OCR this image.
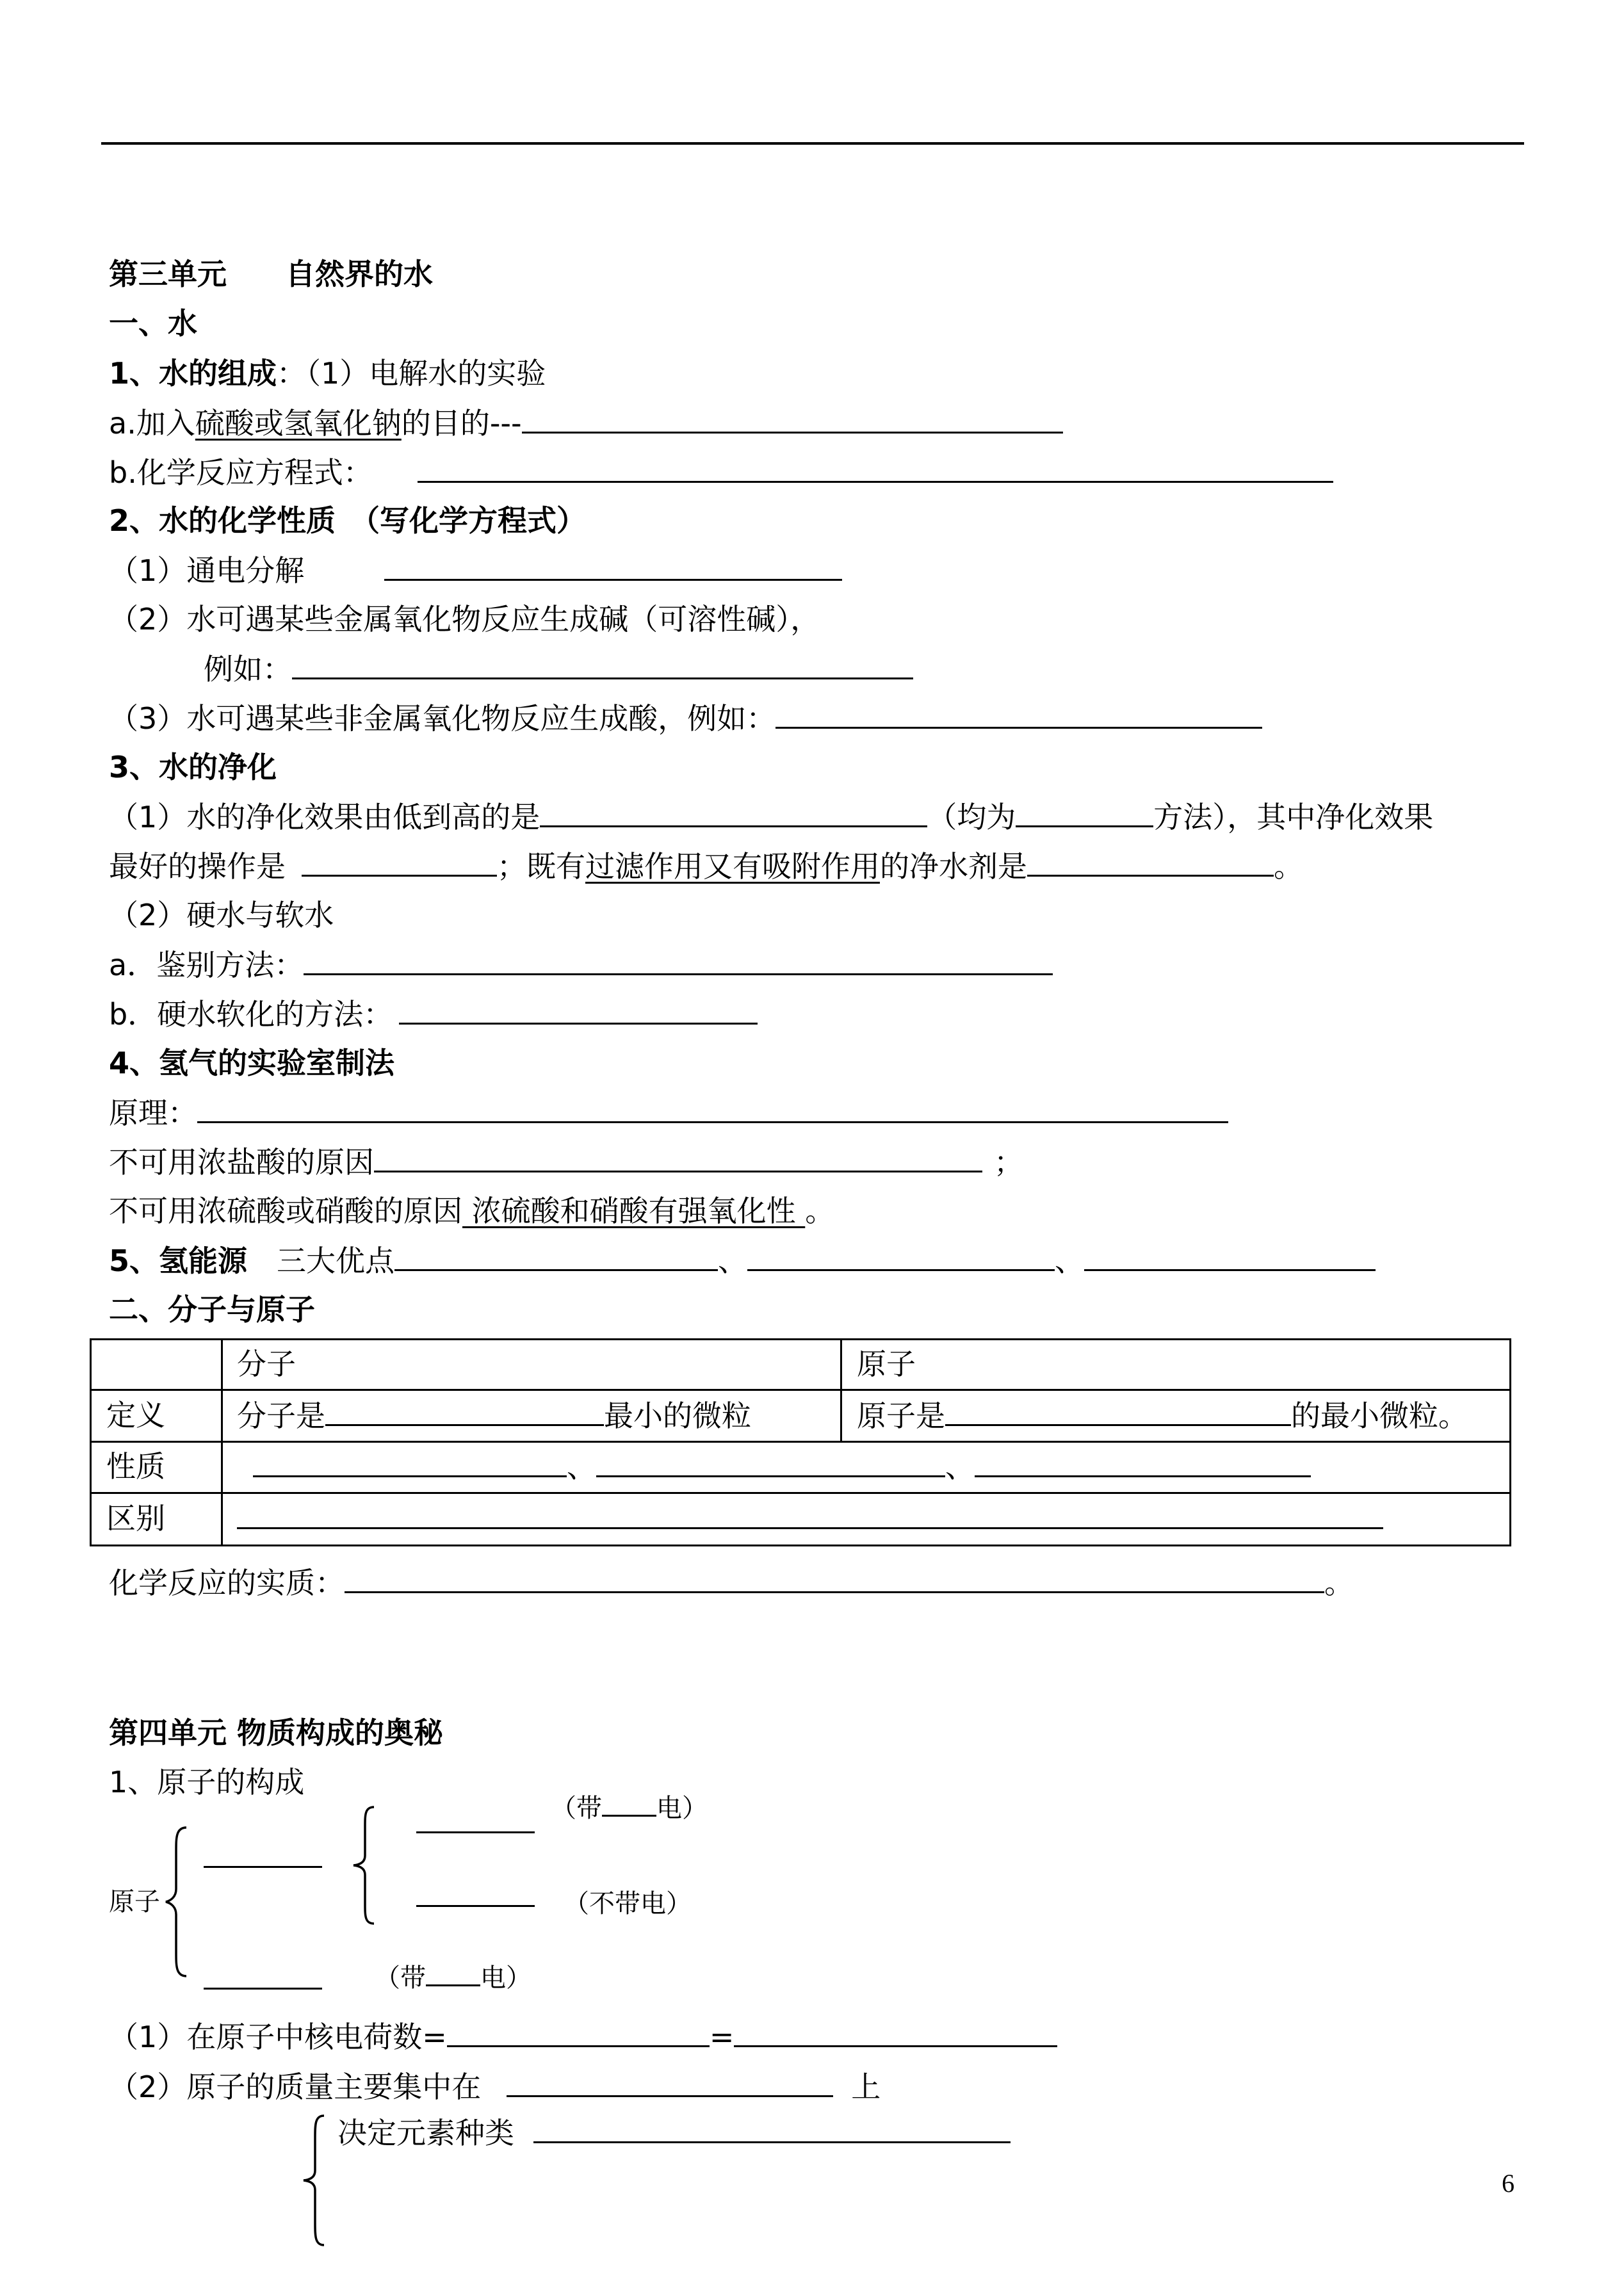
第三单元　　自然界的水
一、水
1、水的组成：（1）电解水的实验
a.加入硫酸或氢氧化钠的目的---
b.化学反应方程式：
2、水的化学性质　（写化学方程式）
（1）通电分解
（2）水可遇某些金属氧化物反应生成碱（可溶性碱），
例如：
（3）水可遇某些非金属氧化物反应生成酸，例如：
3、水的净化
（1）水的净化效果由低到高的是	（均为	方法），其中净化效果
最好的操作是	；既有过滤作用又有吸附作用的净水剂是	。
（2）硬水与软水
a．鉴别方法：
b．硬水软化的方法：
4、氢气的实验室制法
原理：
不可用浓盐酸的原因	；
不可用浓硫酸或硝酸的原因 浓硫酸和硝酸有强氧化性 。
5、氢能源　三大优点	、	、
二、分子与原子
分子	原子
定义 分子是	最小的微粒	原子是	的最小微粒。
性质	、	、
区别
化学反应的实质：	。
第四单元 物质构成的奥秘
1、原子的构成
原子
（带 电）
（不带电）
（带 电）
（1）在原子中核电荷数=	=
（2）原子的质量主要集中在	上
决定元素种类
6
